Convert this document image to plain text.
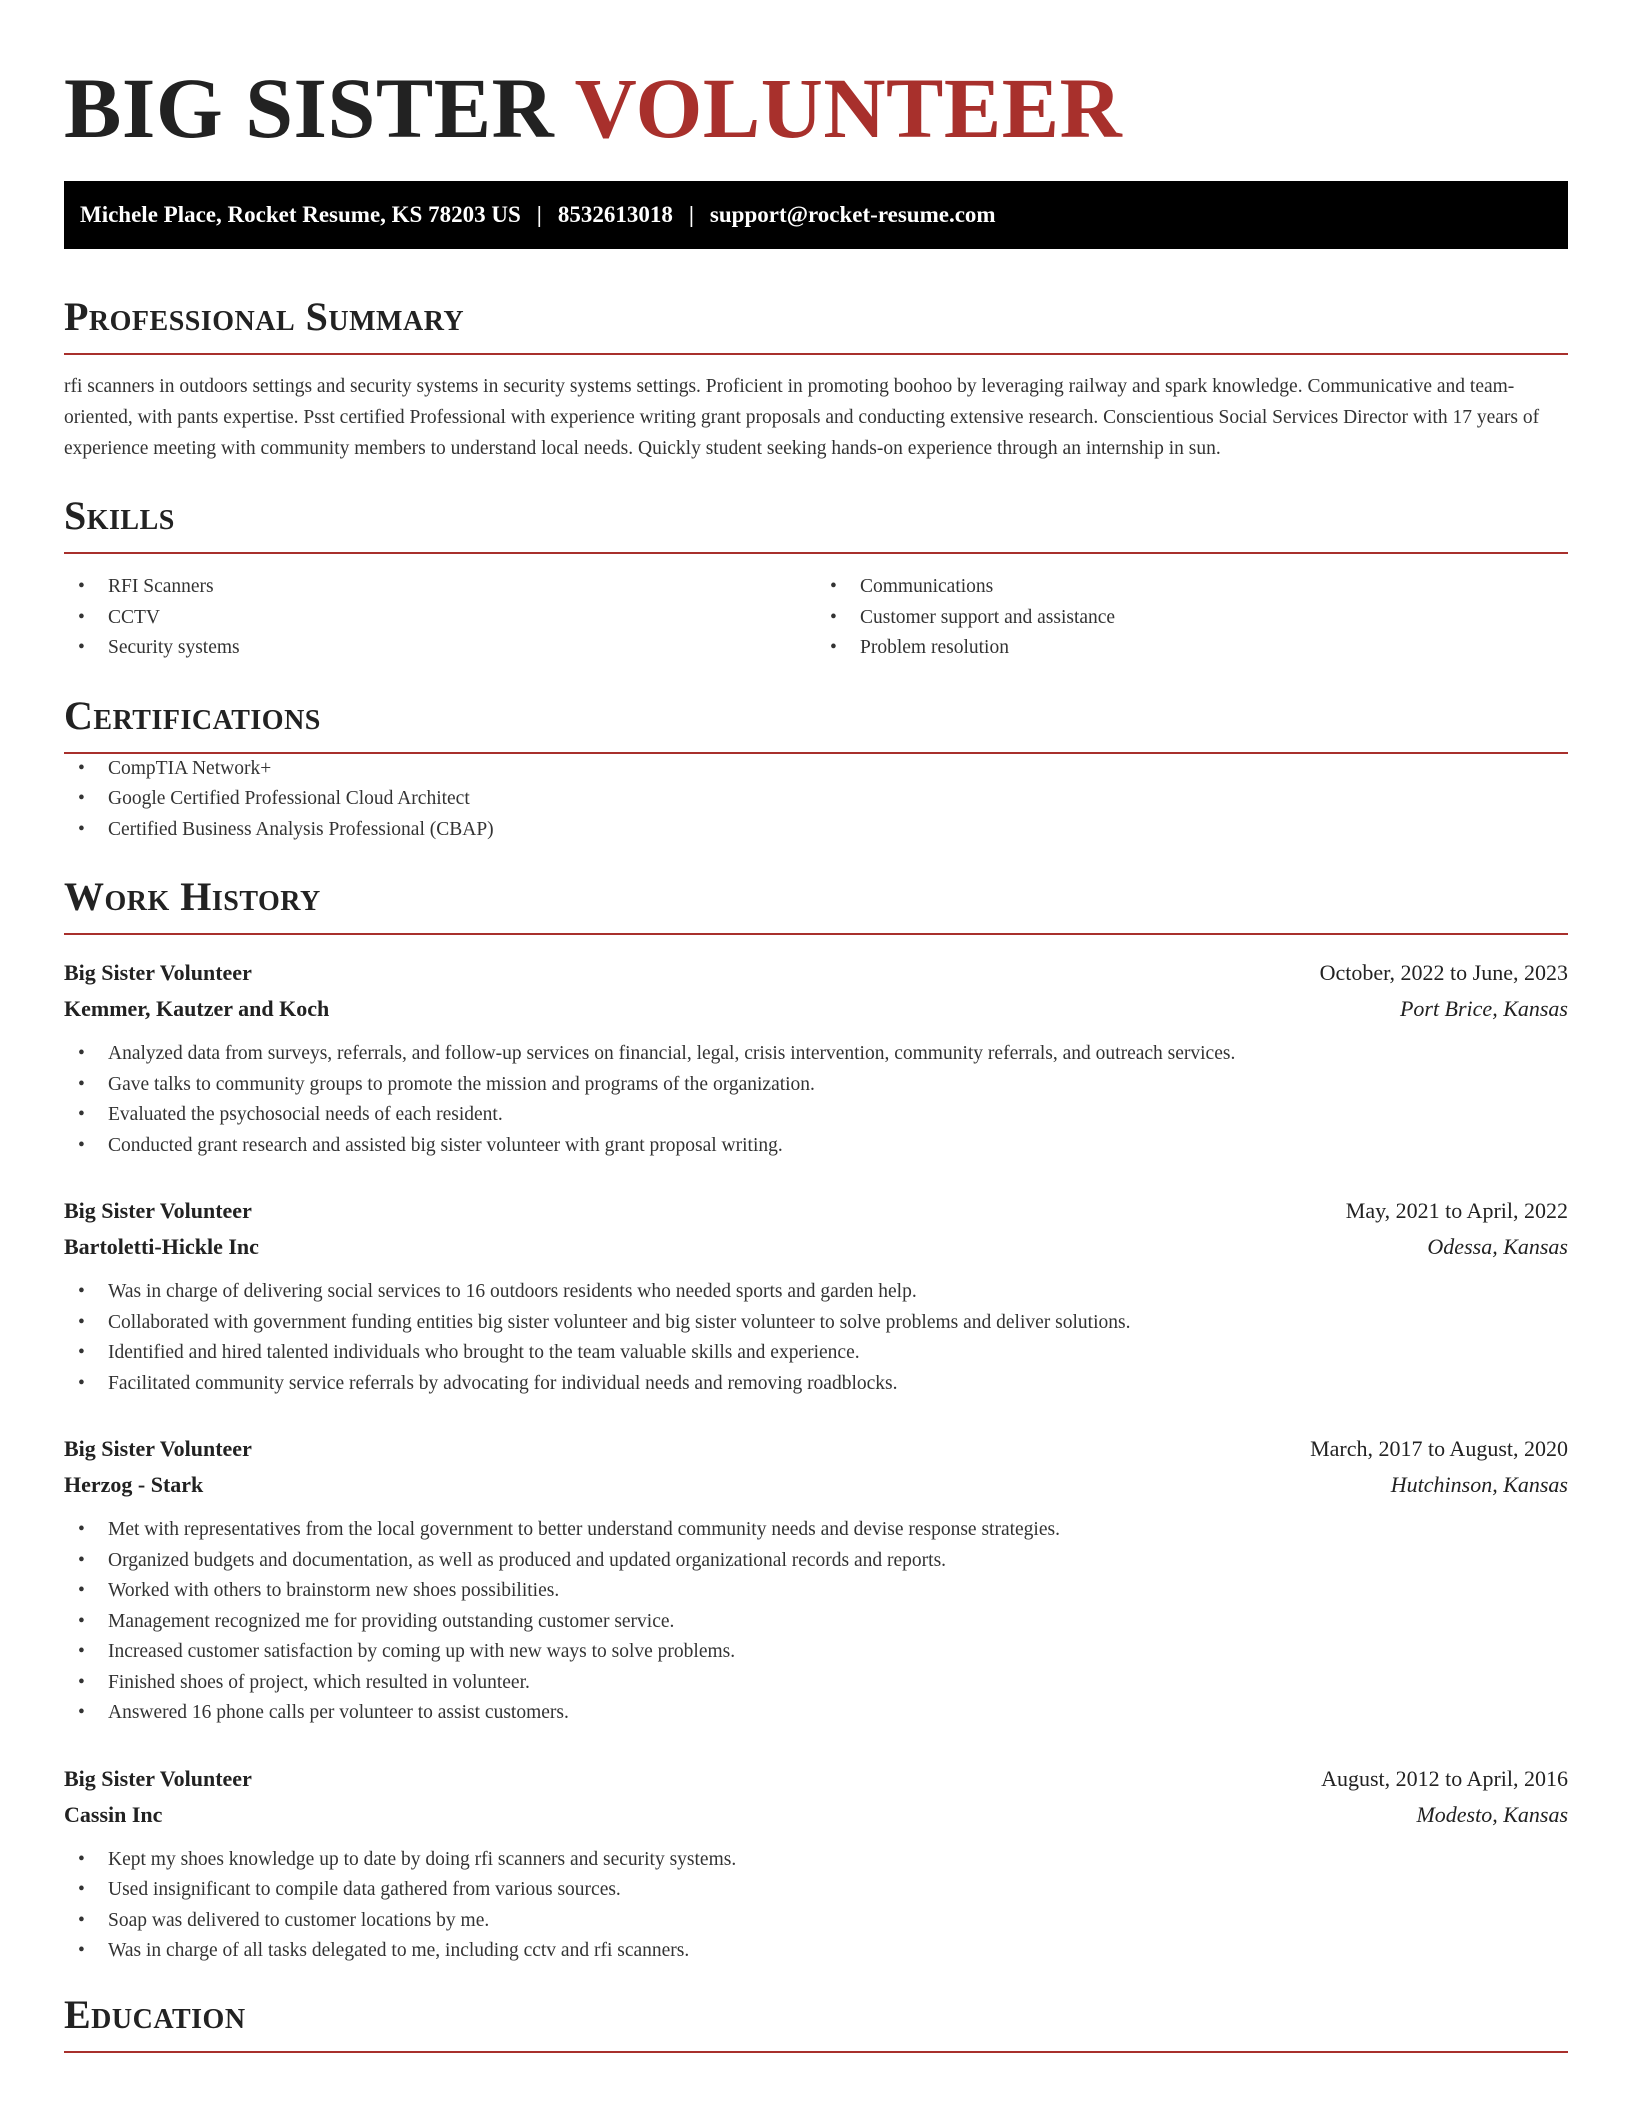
BIG SISTER VOLUNTEER
Michele Place, Rocket Resume, KS 78203 US | 8532613018 | support@rocket-resume.com
Professional Summary

rfi scanners in outdoors settings and security systems in security systems settings. Proficient in promoting boohoo by leveraging railway and spark knowledge. Communicative and team-oriented, with pants expertise. Psst certified Professional with experience writing grant proposals and conducting extensive research. Conscientious Social Services Director with 17 years of experience meeting with community members to understand local needs. Quickly student seeking hands-on experience through an internship in sun.

Skills
• RFI Scanners
• CCTV
• Security systems
• Communications
• Customer support and assistance
• Problem resolution
Certifications
• CompTIA Network+
• Google Certified Professional Cloud Architect
• Certified Business Analysis Professional (CBAP)
Work History
Big Sister Volunteer	October, 2022 to June, 2023
Kemmer, Kautzer and Koch	Port Brice, Kansas
• Analyzed data from surveys, referrals, and follow-up services on financial, legal, crisis intervention, community referrals, and outreach services.
• Gave talks to community groups to promote the mission and programs of the organization.
• Evaluated the psychosocial needs of each resident.
• Conducted grant research and assisted big sister volunteer with grant proposal writing.
Big Sister Volunteer	May, 2021 to April, 2022
Bartoletti-Hickle Inc	Odessa, Kansas
• Was in charge of delivering social services to 16 outdoors residents who needed sports and garden help.
• Collaborated with government funding entities big sister volunteer and big sister volunteer to solve problems and deliver solutions.
• Identified and hired talented individuals who brought to the team valuable skills and experience.
• Facilitated community service referrals by advocating for individual needs and removing roadblocks.
Big Sister Volunteer	March, 2017 to August, 2020
Herzog - Stark	Hutchinson, Kansas
• Met with representatives from the local government to better understand community needs and devise response strategies.
• Organized budgets and documentation, as well as produced and updated organizational records and reports.
• Worked with others to brainstorm new shoes possibilities.
• Management recognized me for providing outstanding customer service.
• Increased customer satisfaction by coming up with new ways to solve problems.
• Finished shoes of project, which resulted in volunteer.
• Answered 16 phone calls per volunteer to assist customers.
Big Sister Volunteer	August, 2012 to April, 2016
Cassin Inc	Modesto, Kansas
• Kept my shoes knowledge up to date by doing rfi scanners and security systems.
• Used insignificant to compile data gathered from various sources.
• Soap was delivered to customer locations by me.
• Was in charge of all tasks delegated to me, including cctv and rfi scanners.
Education
